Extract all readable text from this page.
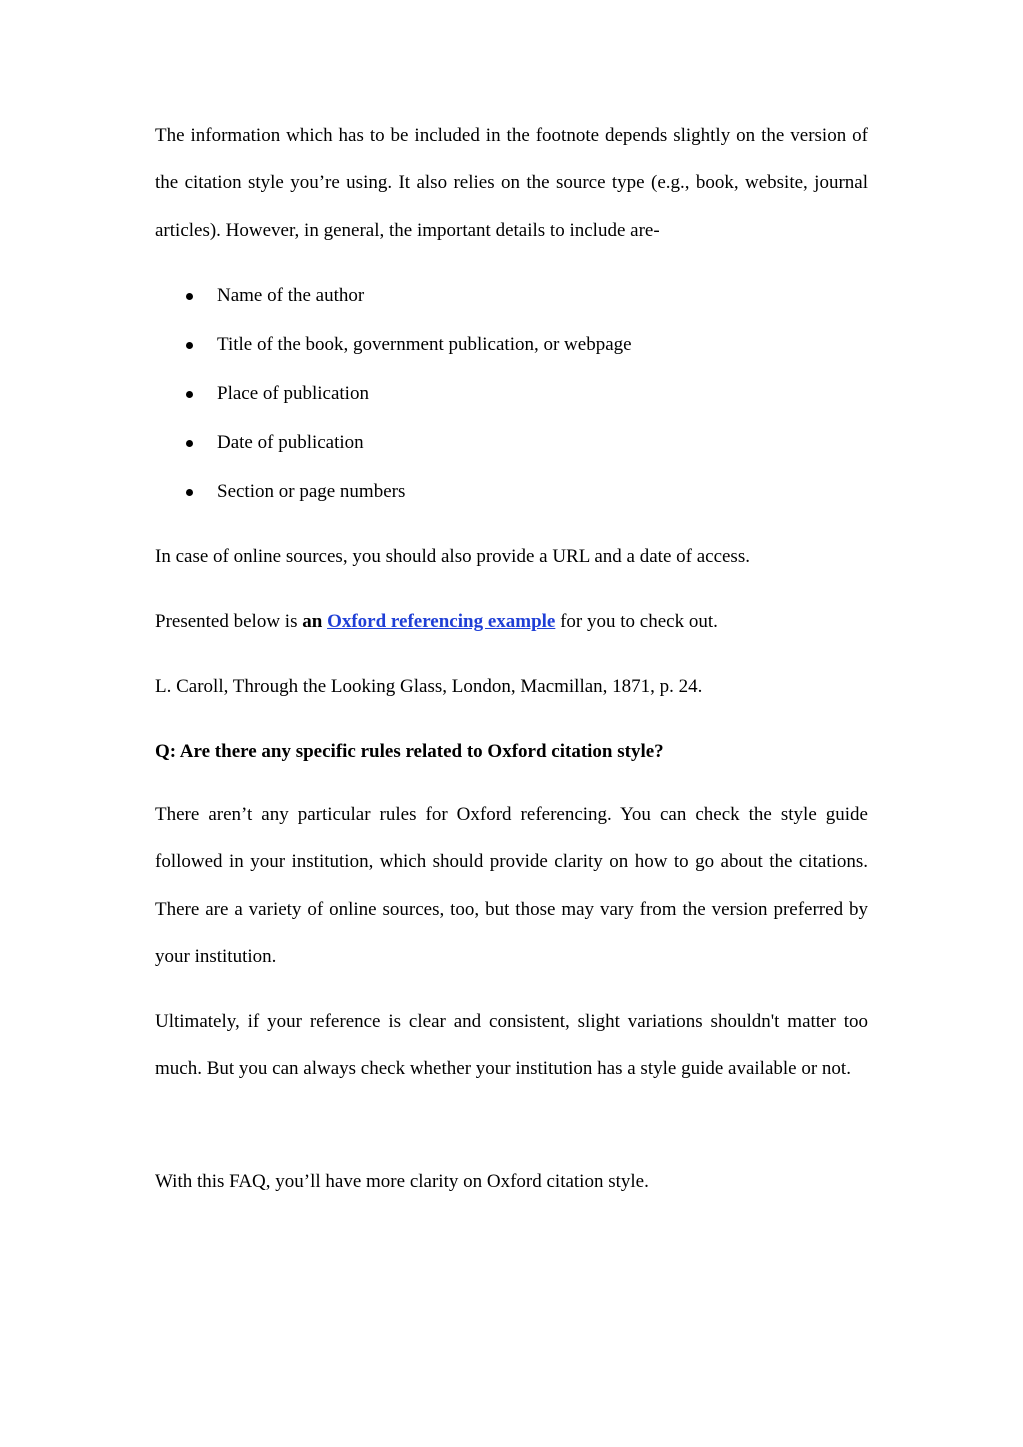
The information which has to be included in the footnote depends slightly on the version of the citation style you’re using. It also relies on the source type (e.g., book, website, journal articles). However, in general, the important details to include are-

Name of the author
Title of the book, government publication, or webpage
Place of publication
Date of publication
Section or page numbers

In case of online sources, you should also provide a URL and a date of access.

Presented below is an Oxford referencing example for you to check out.

L. Caroll, Through the Looking Glass, London, Macmillan, 1871, p. 24.

Q: Are there any specific rules related to Oxford citation style?

There aren’t any particular rules for Oxford referencing. You can check the style guide followed in your institution, which should provide clarity on how to go about the citations. There are a variety of online sources, too, but those may vary from the version preferred by your institution.

Ultimately, if your reference is clear and consistent, slight variations shouldn't matter too much. But you can always check whether your institution has a style guide available or not.

With this FAQ, you’ll have more clarity on Oxford citation style.
